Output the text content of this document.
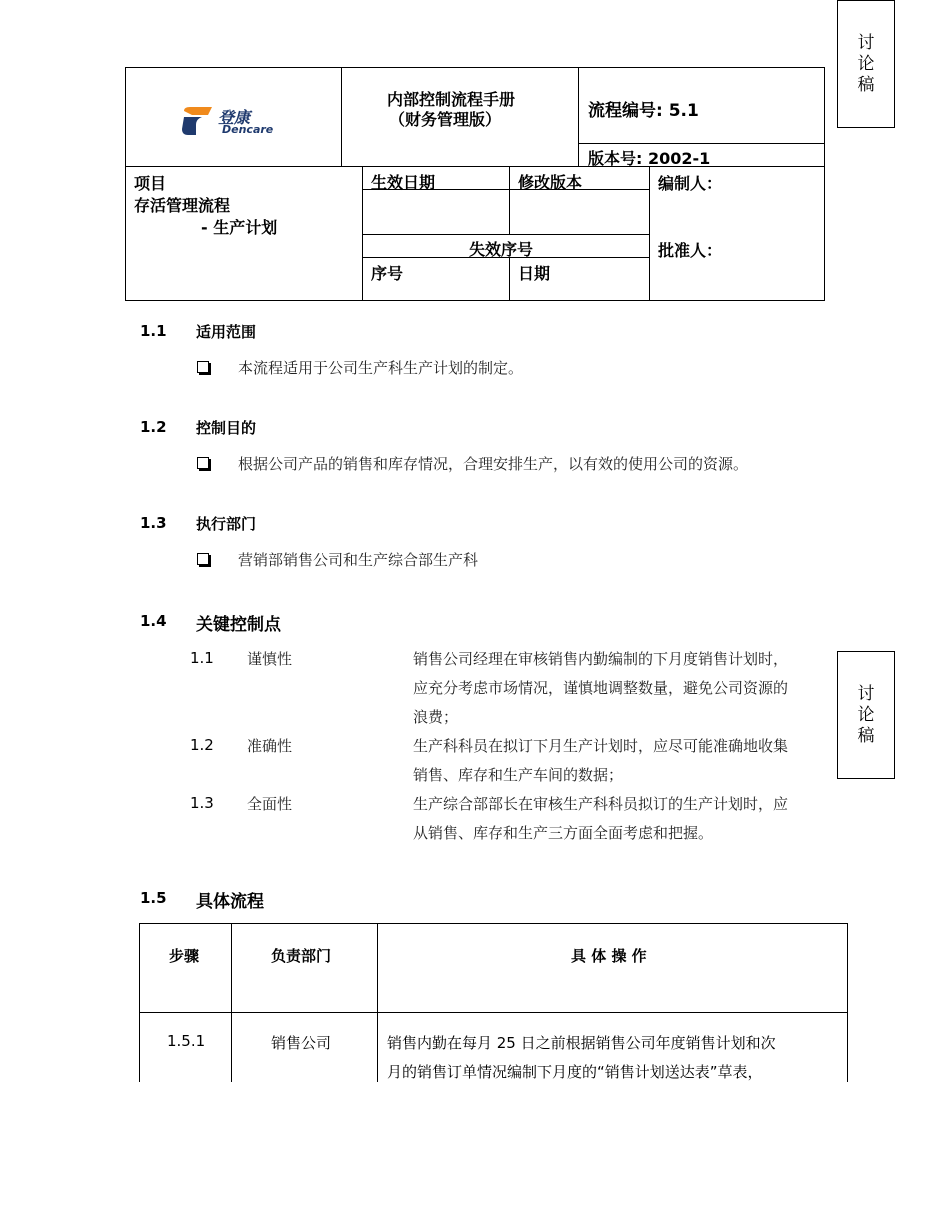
讨
论
稿
登康
Dencare
内部控制流程手册
（财务管理版）	流程编号: 5.1
版本号: 2002-1
项目
存活管理流程
- 生产计划
生效日期	修改版本
失效序号
序号	日期
编制人：
批准人：
1.1 适用范围
本流程适用于公司生产科生产计划的制定。
1.2 控制目的
根据公司产品的销售和库存情况，合理安排生产，以有效的使用公司的资源。
1.3 执行部门
营销部销售公司和生产综合部生产科
1.4 关键控制点
1.1 谨慎性	销售公司经理在审核销售内勤编制的下月度销售计划时，
应充分考虑市场情况，谨慎地调整数量，避免公司资源的
浪费；
1.2 准确性	生产科科员在拟订下月生产计划时，应尽可能准确地收集
销售、库存和生产车间的数据；
1.3 全面性	生产综合部部长在审核生产科科员拟订的生产计划时，应
从销售、库存和生产三方面全面考虑和把握。
讨
论
稿
1.5 具体流程
步骤	负责部门	具 体 操 作
1.5.1	销售公司	销售内勤在每月 25 日之前根据销售公司年度销售计划和次
月的销售订单情况编制下月度的“销售计划送达表”草表，
